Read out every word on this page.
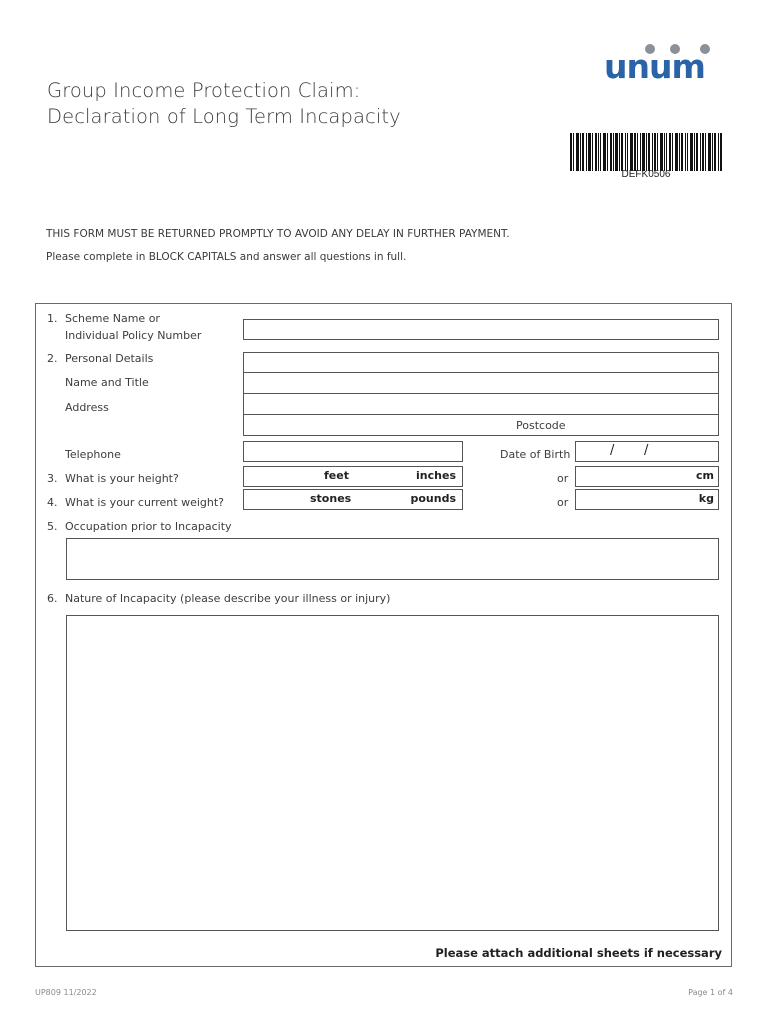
Group Income Protection Claim:
Declaration of Long Term Incapacity
unum
DEFK0506
THIS FORM MUST BE RETURNED PROMPTLY TO AVOID ANY DELAY IN FURTHER PAYMENT.
Please complete in BLOCK CAPITALS and answer all questions in full.
1. Scheme Name or
Individual Policy Number
2. Personal Details
Name and Title
Address
Postcode
Telephone	Date of Birth	/ /
3. What is your height?	feet	inches	or	cm
4. What is your current weight?	stones	pounds	or	kg
5. Occupation prior to Incapacity
6. Nature of Incapacity (please describe your illness or injury)
Please attach additional sheets if necessary
UP809 11/2022	Page 1 of 4
